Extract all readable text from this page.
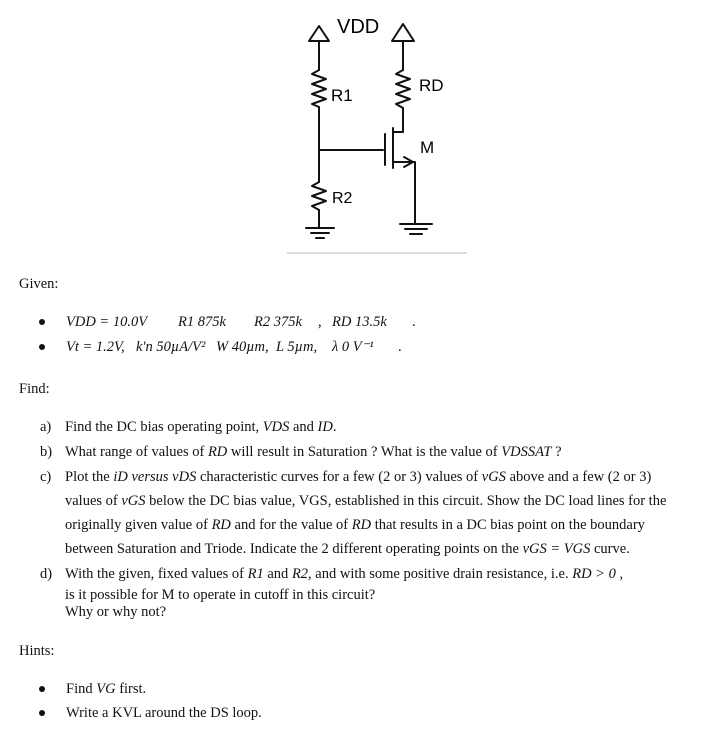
VDD
R1
RD
M
R2
Given:
VDD = 10.0V R1 875k R2 375k , RD 13.5k .
Vt = 1.2V, k'n 50µA/V² W 40µm, L 5µm, λ 0 V⁻¹ .
Find:
a) Find the DC bias operating point, VDS and ID.
b) What range of values of RD will result in Saturation ? What is the value of VDSSAT ?
c) Plot the iD versus vDS characteristic curves for a few (2 or 3) values of vGS above and a few (2 or 3)
values of vGS below the DC bias value, VGS, established in this circuit. Show the DC load lines for the
originally given value of RD and for the value of RD that results in a DC bias point on the boundary
between Saturation and Triode. Indicate the 2 different operating points on the vGS = VGS curve.
d) With the given, fixed values of R1 and R2, and with some positive drain resistance, i.e. RD > 0 ,
is it possible for M to operate in cutoff in this circuit?
Why or why not?
Hints:
Find VG first.
Write a KVL around the DS loop.
